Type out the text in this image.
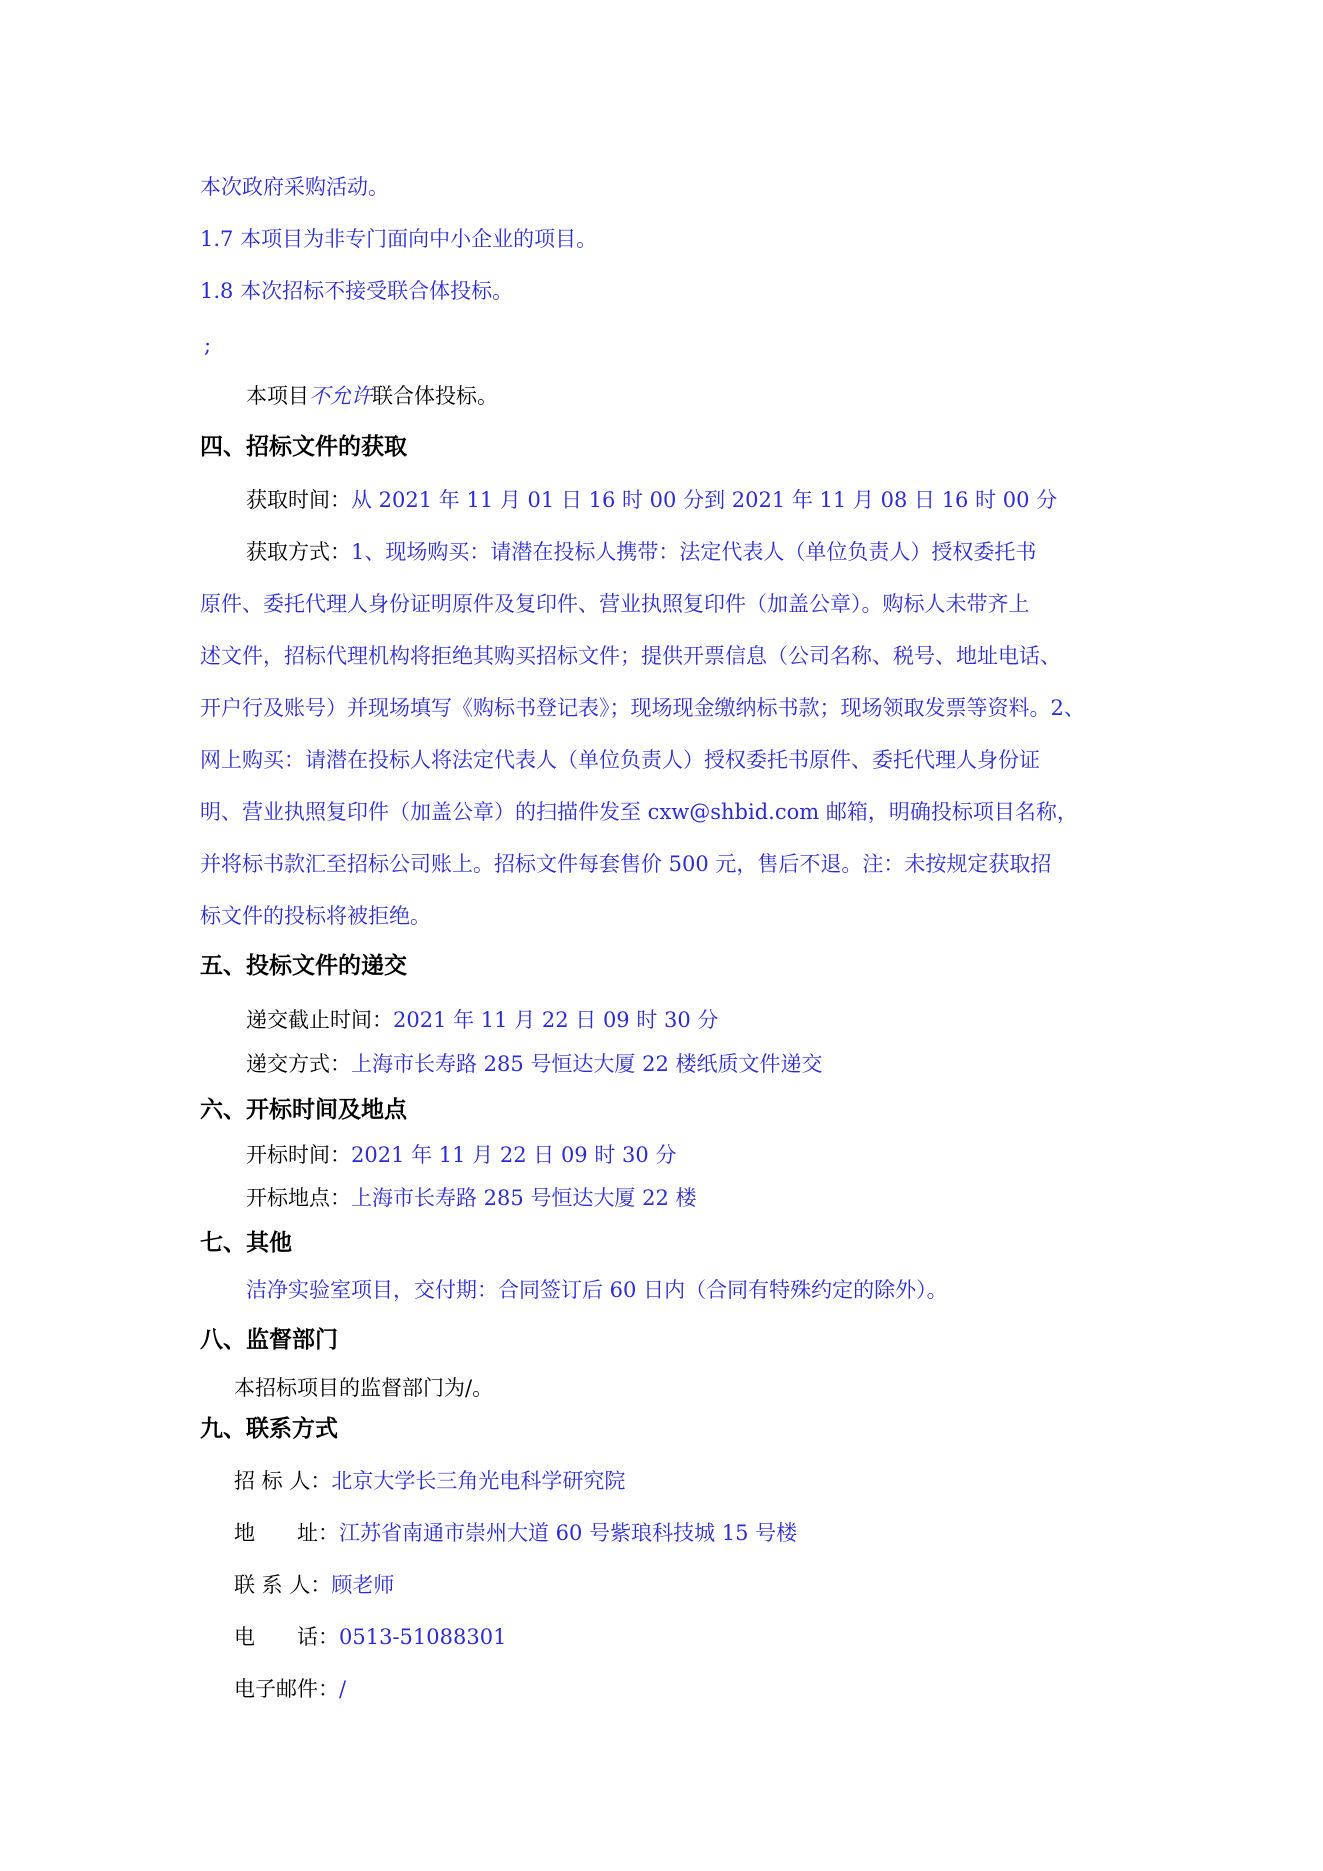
本次政府采购活动。
1.7 本项目为非专门面向中小企业的项目。
1.8 本次招标不接受联合体投标。
;
本项目不允许联合体投标。
四、招标文件的获取
获取时间：从 2021 年 11 月 01 日 16 时 00 分到 2021 年 11 月 08 日 16 时 00 分
获取方式：1、现场购买：请潜在投标人携带：法定代表人（单位负责人）授权委托书
原件、委托代理人身份证明原件及复印件、营业执照复印件（加盖公章）。购标人未带齐上
述文件，招标代理机构将拒绝其购买招标文件；提供开票信息（公司名称、税号、地址电话、
开户行及账号）并现场填写《购标书登记表》；现场现金缴纳标书款；现场领取发票等资料。2、
网上购买：请潜在投标人将法定代表人（单位负责人）授权委托书原件、委托代理人身份证
明、营业执照复印件（加盖公章）的扫描件发至 cxw@shbid.com 邮箱，明确投标项目名称，
并将标书款汇至招标公司账上。招标文件每套售价 500 元，售后不退。注：未按规定获取招
标文件的投标将被拒绝。
五、投标文件的递交
递交截止时间：2021 年 11 月 22 日 09 时 30 分
递交方式：上海市长寿路 285 号恒达大厦 22 楼纸质文件递交
六、开标时间及地点
开标时间：2021 年 11 月 22 日 09 时 30 分
开标地点：上海市长寿路 285 号恒达大厦 22 楼
七、其他
洁净实验室项目，交付期：合同签订后 60 日内（合同有特殊约定的除外）。
八、监督部门
本招标项目的监督部门为/。
九、联系方式
招 标 人：北京大学长三角光电科学研究院
地　　址：江苏省南通市崇州大道 60 号紫琅科技城 15 号楼
联 系 人：顾老师
电　　话：0513-51088301
电子邮件：/
